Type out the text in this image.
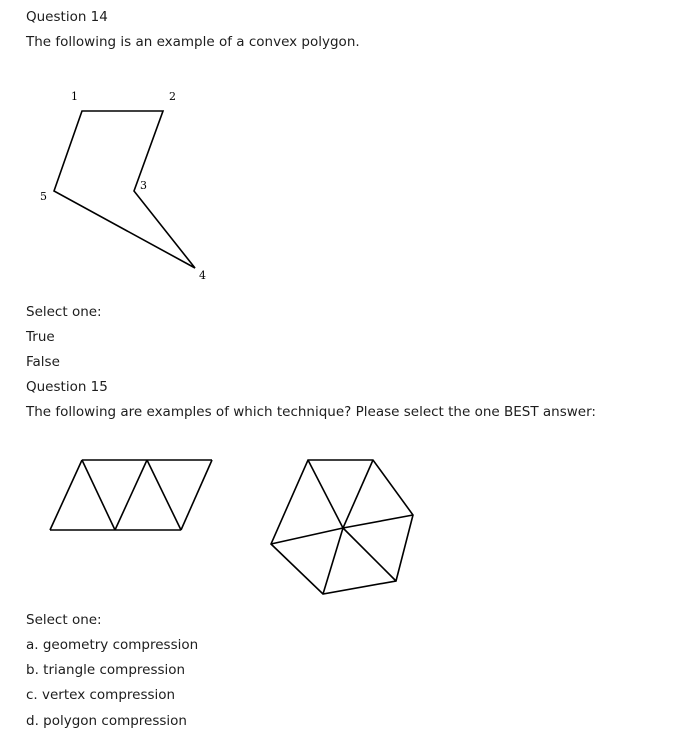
Question 14
The following is an example of a convex polygon.
1	2
3
4
5
Select one:
True
False
Question 15
The following are examples of which technique? Please select the one BEST answer:
Select one:
a. geometry compression
b. triangle compression
c. vertex compression
d. polygon compression
